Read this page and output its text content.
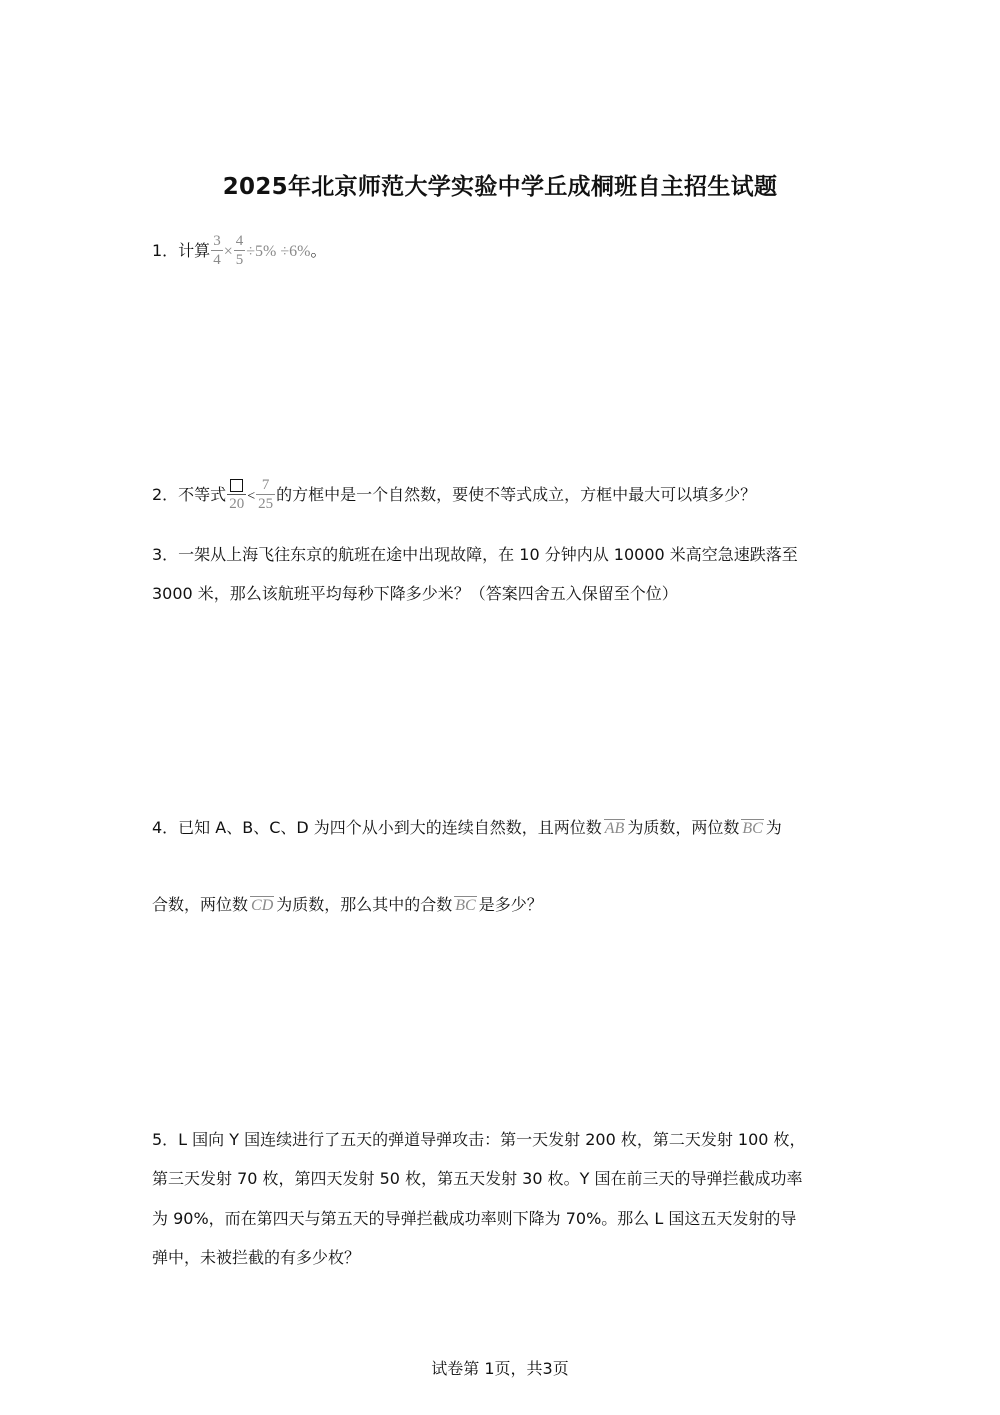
2025年北京师范大学实验中学丘成桐班自主招生试题
1．计算 $\frac{3}{4} \times \frac{4}{5} \div 5\% \div 6\%$。
2．不等式 $20 < \frac{7}{25}$ 的方框中是一个自然数，要使不等式成立，方框中最大可以填多少？
3．一架从上海飞往东京的航班在途中出现故障，在 10 分钟内从 10000 米高空急速跌落至
3000 米，那么该航班平均每秒下降多少米？（答案四舍五入保留至个位）
4．已知 A、B、C、D 为四个从小到大的连续自然数，且两位数 AB 为质数，两位数 BC 为
合数，两位数 CD 为质数，那么其中的合数 BC 是多少？
5．L 国向 Y 国连续进行了五天的弹道导弹攻击：第一天发射 200 枚，第二天发射 100 枚，
第三天发射 70 枚，第四天发射 50 枚，第五天发射 30 枚。Y 国在前三天的导弹拦截成功率
为 90%，而在第四天与第五天的导弹拦截成功率则下降为 70%。那么 L 国这五天发射的导
弹中，未被拦截的有多少枚？
试卷第 1页，共3页
